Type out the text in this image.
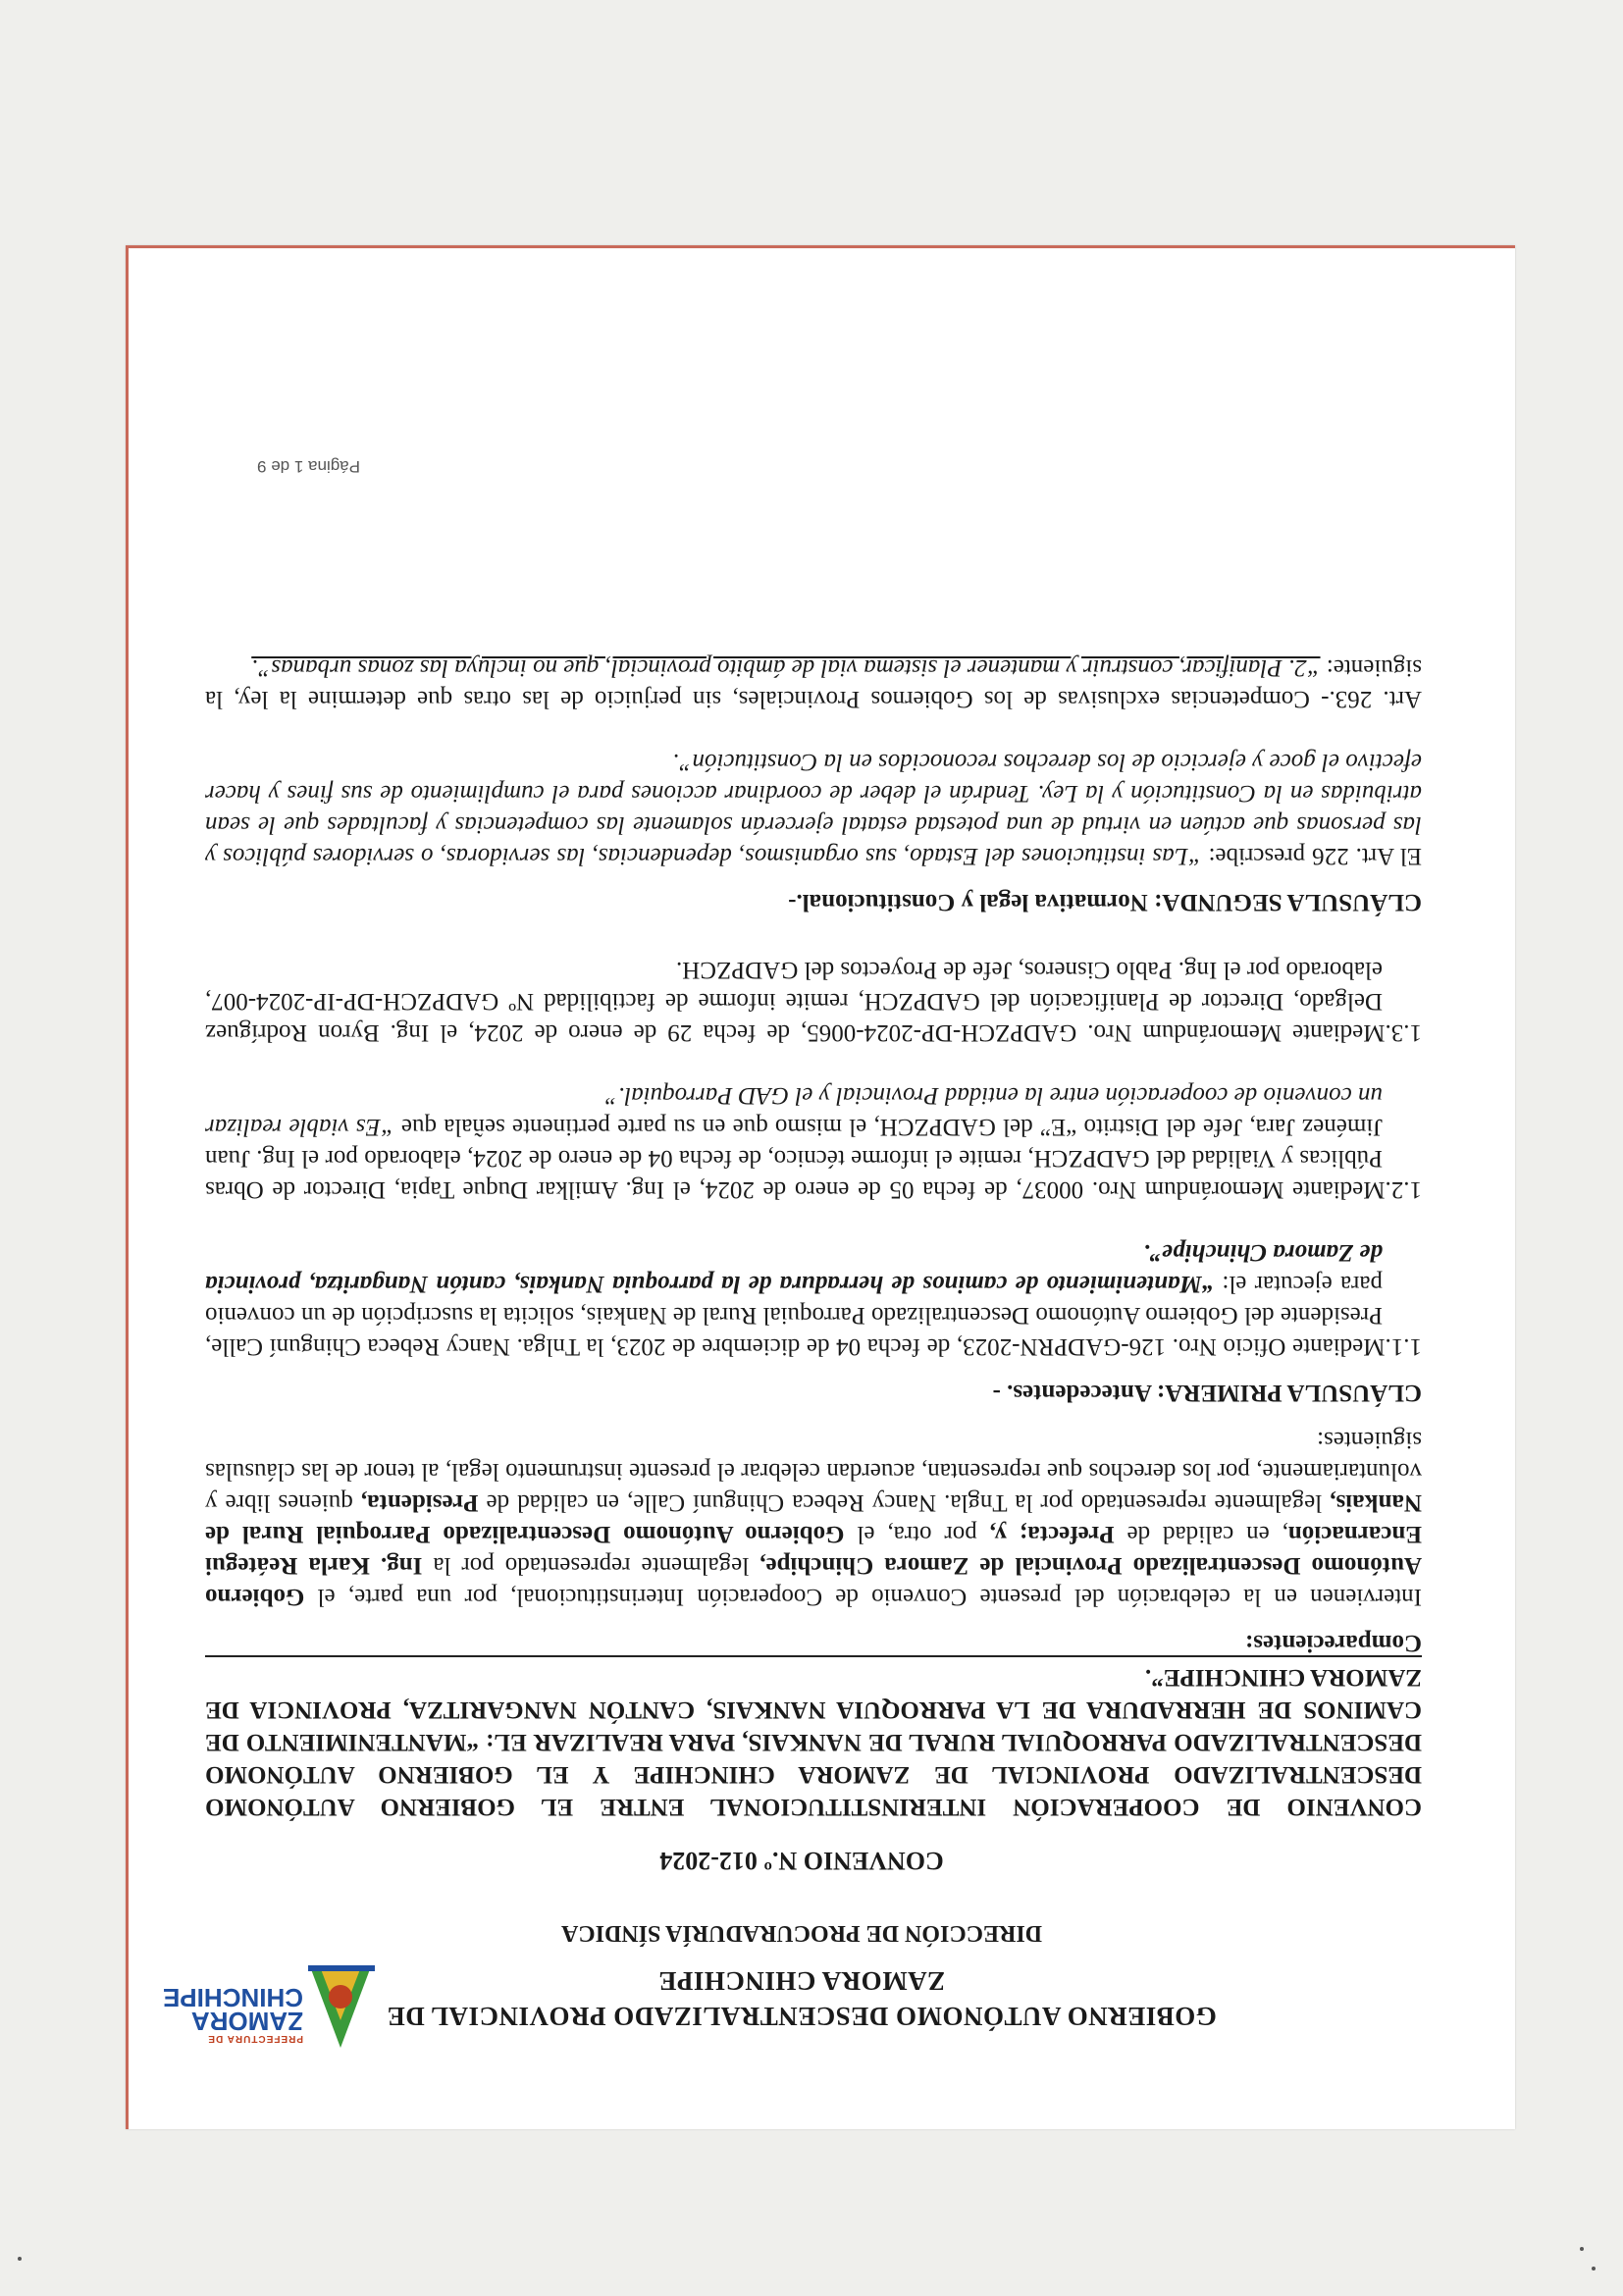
PREFECTURA DE
ZAMORA
CHINCHIPE
GOBIERNO AUTÓNOMO DESCENTRALIZADO PROVINCIAL DE
ZAMORA CHINCHIPE
DIRECCIÓN DE PROCURADURÍA SÍNDICA
CONVENIO N.º 012-2024
CONVENIO DE COOPERACIÓN INTERINSTITUCIONAL ENTRE EL GOBIERNO AUTÓNOMO DESCENTRALIZADO PROVINCIAL DE ZAMORA CHINCHIPE Y EL GOBIERNO AUTÓNOMO DESCENTRALIZADO PARROQUIAL RURAL DE NANKAIS, PARA REALIZAR EL: “MANTENIMIENTO DE CAMINOS DE HERRADURA DE LA PARROQUIA NANKAIS, CANTÓN NANGARITZA, PROVINCIA DE ZAMORA CHINCHIPE”.
Comparecientes:
Intervienen en la celebración del presente Convenio de Cooperación Interinstitucional, por una parte, el Gobierno Autónomo Descentralizado Provincial de Zamora Chinchipe, legalmente representado por la Ing. Karla Reátegui Encarnación, en calidad de Prefecta; y, por otra, el Gobierno Autónomo Descentralizado Parroquial Rural de Nankais, legalmente representado por la Tngla. Nancy Rebeca Chinguní Calle, en calidad de Presidenta, quienes libre y voluntariamente, por los derechos que representan, acuerdan celebrar el presente instrumento legal, al tenor de las cláusulas siguientes:
CLÁUSULA PRIMERA: Antecedentes. -
1.1.Mediante Oficio Nro. 126-GADPRN-2023, de fecha 04 de diciembre de 2023, la Tnlga. Nancy Rebeca Chinguní Calle, Presidente del Gobierno Autónomo Descentralizado Parroquial Rural de Nankais, solicita la suscripción de un convenio para ejecutar el: “Mantenimiento de caminos de herradura de la parroquia Nankais, cantón Nangaritza, provincia de Zamora Chinchipe”.
1.2.Mediante Memorándum Nro. 00037, de fecha 05 de enero de 2024, el Ing. Amilkar Duque Tapia, Director de Obras Públicas y Vialidad del GADPZCH, remite el informe técnico, de fecha 04 de enero de 2024, elaborado por el Ing. Juan Jiménez Jara, Jefe del Distrito “E” del GADPZCH, el mismo que en su parte pertinente señala que “Es viable realizar un convenio de cooperación entre la entidad Provincial y el GAD Parroquial.”
1.3.Mediante Memorándum Nro. GADPZCH-DP-2024-0065, de fecha 29 de enero de 2024, el Ing. Byron Rodríguez Delgado, Director de Planificación del GADPZCH, remite informe de factibilidad Nº GADPZCH-DP-IP-2024-007, elaborado por el Ing. Pablo Cisneros, Jefe de Proyectos del GADPZCH.
CLÁUSULA SEGUNDA: Normativa legal y Constitucional.-
El Art. 226 prescribe: “Las instituciones del Estado, sus organismos, dependencias, las servidoras, o servidores públicos y las personas que actúen en virtud de una potestad estatal ejercerán solamente las competencias y facultades que le sean atribuidas en la Constitución y la Ley. Tendrán el deber de coordinar acciones para el cumplimiento de sus fines y hacer efectivo el goce y ejercicio de los derechos reconocidos en la Constitución”.
Art. 263.- Competencias exclusivas de los Gobiernos Provinciales, sin perjuicio de las otras que determine la ley, la siguiente: “2. Planificar, construir y mantener el sistema vial de ámbito provincial, que no incluya las zonas urbanas”.
Página 1 de 9
